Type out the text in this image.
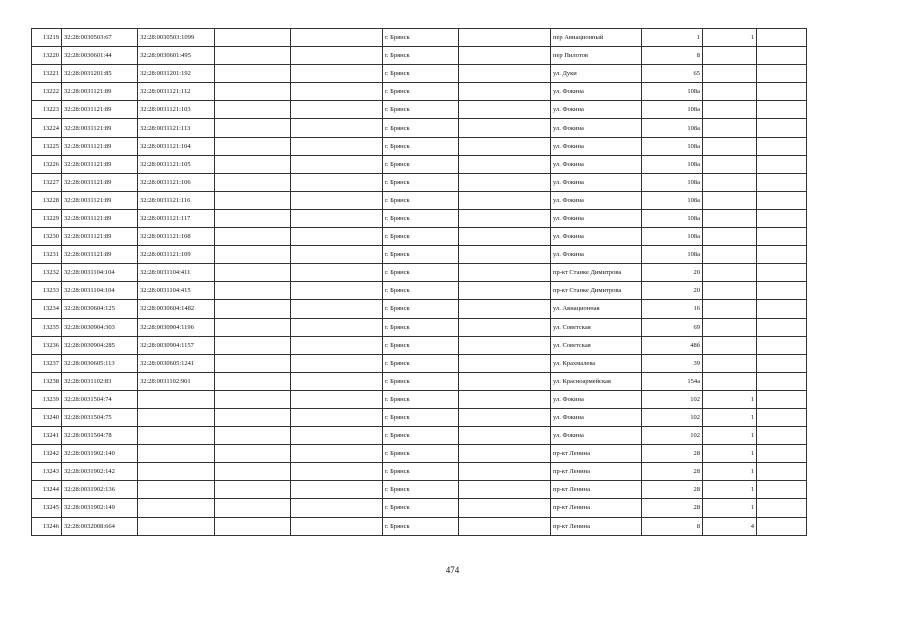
13219	32:28:0030503:67	32:28:0030503:1099			г. Брянск		пер Авиационный	1	1	
13220	32:28:0030601:44	32:28:0030601:495			г. Брянск		пер Пилотов	8		
13221	32:28:0031201:85	32:28:0031201:192			г. Брянск		ул. Дуки	65		
13222	32:28:0031121:89	32:28:0031121:112			г. Брянск		ул. Фокина	108а		
13223	32:28:0031121:89	32:28:0031121:103			г. Брянск		ул. Фокина	108а		
13224	32:28:0031121:89	32:28:0031121:113			г. Брянск		ул. Фокина	108а		
13225	32:28:0031121:89	32:28:0031121:104			г. Брянск		ул. Фокина	108а		
13226	32:28:0031121:89	32:28:0031121:105			г. Брянск		ул. Фокина	108а		
13227	32:28:0031121:89	32:28:0031121:106			г. Брянск		ул. Фокина	108а		
13228	32:28:0031121:89	32:28:0031121:116			г. Брянск		ул. Фокина	108а		
13229	32:28:0031121:89	32:28:0031121:117			г. Брянск		ул. Фокина	108а		
13230	32:28:0031121:89	32:28:0031121:108			г. Брянск		ул. Фокина	108а		
13231	32:28:0031121:89	32:28:0031121:109			г. Брянск		ул. Фокина	108а		
13232	32:28:0031104:104	32:28:0031104:411			г. Брянск		пр-кт Станке Димитрова	20		
13233	32:28:0031104:104	32:28:0031104:415			г. Брянск		пр-кт Станке Димитрова	20		
13234	32:28:0030604:125	32:28:0030604:1482			г. Брянск		ул. Авиационная	16		
13235	32:28:0030904:303	32:28:0030904:1196			г. Брянск		ул. Советская	69		
13236	32:28:0030904:285	32:28:0030904:1157			г. Брянск		ул. Советская	48б		
13237	32:28:0030605:113	32:28:0030605:1241			г. Брянск		ул. Крахмалева	39		
13238	32:28:0031102:83	32:28:0031102:901			г. Брянск		ул. Красноармейская	154а		
13239	32:28:0031504:74				г. Брянск		ул. Фокина	102	1	
13240	32:28:0031504:75				г. Брянск		ул. Фокина	102	1	
13241	32:28:0031504:78				г. Брянск		ул. Фокина	102	1	
13242	32:28:0031902:140				г. Брянск		пр-кт Ленина	28	1	
13243	32:28:0031902:142				г. Брянск		пр-кт Ленина	28	1	
13244	32:28:0031902:136				г. Брянск		пр-кт Ленина	28	1	
13245	32:28:0031902:149				г. Брянск		пр-кт Ленина	28	1	
13246	32:28:0032008:664				г. Брянск		пр-кт Ленина	8	4	
474
